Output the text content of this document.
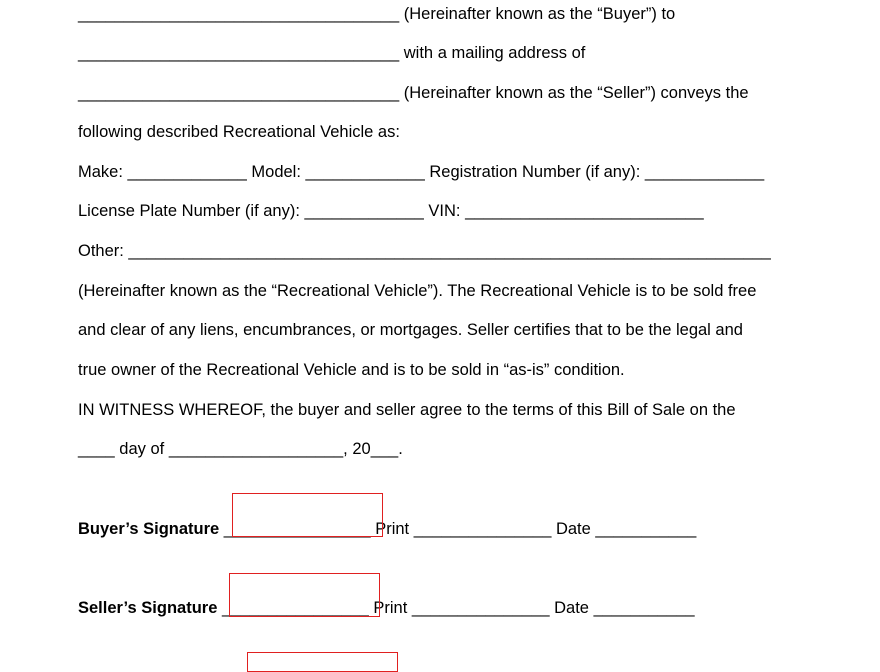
___________________________________ (Hereinafter known as the “Buyer”) to
___________________________________ with a mailing address of
___________________________________ (Hereinafter known as the “Seller”) conveys the
following described Recreational Vehicle as:
Make: _____________ Model: _____________ Registration Number (if any): _____________
License Plate Number (if any): _____________ VIN: __________________________
Other: ______________________________________________________________________
(Hereinafter known as the “Recreational Vehicle”). The Recreational Vehicle is to be sold free
and clear of any liens, encumbrances, or mortgages. Seller certifies that to be the legal and
true owner of the Recreational Vehicle and is to be sold in “as-is” condition.
IN WITNESS WHEREOF, the buyer and seller agree to the terms of this Bill of Sale on the
____ day of ___________________, 20___.
Buyer’s Signature ________________ Print _______________ Date ___________
Seller’s Signature ________________ Print _______________ Date ___________
